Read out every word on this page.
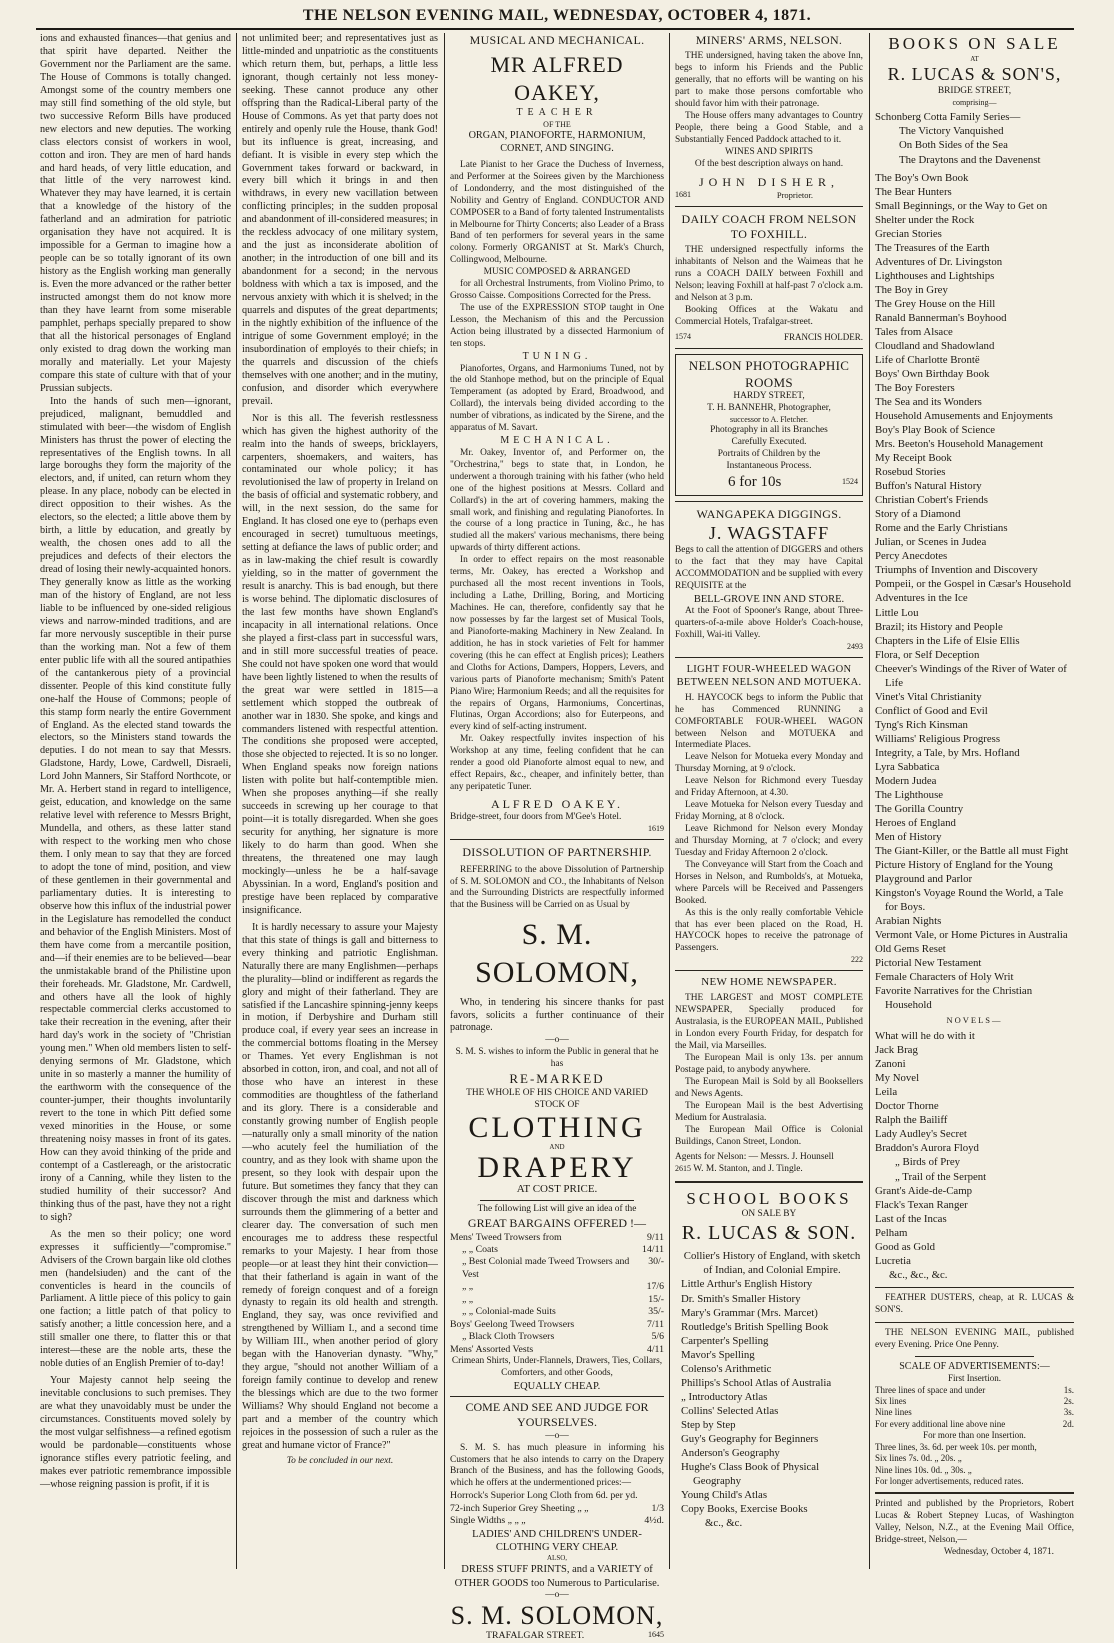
THE NELSON EVENING MAIL, WEDNESDAY, OCTOBER 4, 1871.

ions and exhausted finances—that genius and that spirit have departed. Neither the Government nor the Parliament are the same. The House of Commons is totally changed. Amongst some of the country members one may still find something of the old style, but two successive Reform Bills have produced new electors and new deputies. The working class electors consist of workers in wool, cotton and iron. They are men of hard hands and hard heads, of very little education, and that little of the very narrowest kind. Whatever they may have learned, it is certain that a knowledge of the history of the fatherland and an admiration for patriotic organisation they have not acquired. It is impossible for a German to imagine how a people can be so totally ignorant of its own history as the English working man generally is. Even the more advanced or the rather better instructed amongst them do not know more than they have learnt from some miserable pamphlet, perhaps specially prepared to show that all the historical personages of England only existed to drag down the working man morally and materially. Let your Majesty compare this state of culture with that of your Prussian subjects.

Into the hands of such men—ignorant, prejudiced, malignant, bemuddled and stimulated with beer—the wisdom of English Ministers has thrust the power of electing the representatives of the English towns. In all large boroughs they form the majority of the electors, and, if united, can return whom they please. In any place, nobody can be elected in direct opposition to their wishes. As the electors, so the elected; a little above them by birth, a little by education, and greatly by wealth, the chosen ones add to all the prejudices and defects of their electors the dread of losing their newly-acquainted honors. They generally know as little as the working man of the history of England, are not less liable to be influenced by one-sided religious views and narrow-minded traditions, and are far more nervously susceptible in their purse than the working man. Not a few of them enter public life with all the soured antipathies of the cantankerous piety of a provincial dissenter. People of this kind constitute fully one-half the House of Commons; people of this stamp form nearly the entire Government of England. As the elected stand towards the electors, so the Ministers stand towards the deputies. I do not mean to say that Messrs. Gladstone, Hardy, Lowe, Cardwell, Disraeli, Lord John Manners, Sir Stafford Northcote, or Mr. A. Herbert stand in regard to intelligence, geist, education, and knowledge on the same relative level with reference to Messrs Bright, Mundella, and others, as these latter stand with respect to the working men who chose them. I only mean to say that they are forced to adopt the tone of mind, position, and view of these gentlemen in their governmental and parliamentary duties. It is interesting to observe how this influx of the industrial power in the Legislature has remodelled the conduct and behavior of the English Ministers. Most of them have come from a mercantile position, and—if their enemies are to be believed—bear the unmistakable brand of the Philistine upon their foreheads. Mr. Gladstone, Mr. Cardwell, and others have all the look of highly respectable commercial clerks accustomed to take their recreation in the evening, after their hard day's work in the society of "Christian young men." When old members listen to self-denying sermons of Mr. Gladstone, which unite in so masterly a manner the humility of the earthworm with the consequence of the counter-jumper, their thoughts involuntarily revert to the tone in which Pitt defied some vexed minorities in the House, or some threatening noisy masses in front of its gates. How can they avoid thinking of the pride and contempt of a Castlereagh, or the aristocratic irony of a Canning, while they listen to the studied humility of their successor? And thinking thus of the past, have they not a right to sigh?

As the men so their policy; one word expresses it sufficiently—"compromise." Advisers of the Crown bargain like old clothes men (handelsiuden) and the cant of the conventicles is heard in the councils of Parliament. A little piece of this policy to gain one faction; a little patch of that policy to satisfy another; a little concession here, and a still smaller one there, to flatter this or that interest—these are the noble arts, these the noble duties of an English Premier of to-day!

Your Majesty cannot help seeing the inevitable conclusions to such premises. They are what they unavoidably must be under the circumstances. Constituents moved solely by the most vulgar selfishness—a refined egotism would be pardonable—constituents whose ignorance stifles every patriotic feeling, and makes ever patriotic remembrance impossible—whose reigning passion is profit, if it is

not unlimited beer; and representatives just as little-minded and unpatriotic as the constituents which return them, but, perhaps, a little less ignorant, though certainly not less money-seeking. These cannot produce any other offspring than the Radical-Liberal party of the House of Commons. As yet that party does not entirely and openly rule the House, thank God! but its influence is great, increasing, and defiant. It is visible in every step which the Government takes forward or backward, in every bill which it brings in and then withdraws, in every new vacillation between conflicting principles; in the sudden proposal and abandonment of ill-considered measures; in the reckless advocacy of one military system, and the just as inconsiderate abolition of another; in the introduction of one bill and its abandonment for a second; in the nervous boldness with which a tax is imposed, and the nervous anxiety with which it is shelved; in the quarrels and disputes of the great departments; in the nightly exhibition of the influence of the intrigue of some Government employé; in the insubordination of employés to their chiefs; in the quarrels and discussion of the chiefs themselves with one another; and in the mutiny, confusion, and disorder which everywhere prevail.

Nor is this all. The feverish restlessness which has given the highest authority of the realm into the hands of sweeps, bricklayers, carpenters, shoemakers, and waiters, has contaminated our whole policy; it has revolutionised the law of property in Ireland on the basis of official and systematic robbery, and will, in the next session, do the same for England. It has closed one eye to (perhaps even encouraged in secret) tumultuous meetings, setting at defiance the laws of public order; and as in law-making the chief result is cowardly yielding, so in the matter of government the result is anarchy. This is bad enough, but there is worse behind. The diplomatic disclosures of the last few months have shown England's incapacity in all international relations. Once she played a first-class part in successful wars, and in still more successful treaties of peace. She could not have spoken one word that would have been lightly listened to when the results of the great war were settled in 1815—a settlement which stopped the outbreak of another war in 1830. She spoke, and kings and commanders listened with respectful attention. The conditions she proposed were accepted, those she objected to rejected. It is so no longer. When England speaks now foreign nations listen with polite but half-contemptible mien. When she proposes anything—if she really succeeds in screwing up her courage to that point—it is totally disregarded. When she goes security for anything, her signature is more likely to do harm than good. When she threatens, the threatened one may laugh mockingly—unless he be a half-savage Abyssinian. In a word, England's position and prestige have been replaced by comparative insignificance.

It is hardly necessary to assure your Majesty that this state of things is gall and bitterness to every thinking and patriotic Englishman. Naturally there are many Englishmen—perhaps the plurality—blind or indifferent as regards the glory and might of their fatherland. They are satisfied if the Lancashire spinning-jenny keeps in motion, if Derbyshire and Durham still produce coal, if every year sees an increase in the commercial bottoms floating in the Mersey or Thames. Yet every Englishman is not absorbed in cotton, iron, and coal, and not all of those who have an interest in these commodities are thoughtless of the fatherland and its glory. There is a considerable and constantly growing number of English people—naturally only a small minority of the nation—who acutely feel the humiliation of the country, and as they look with shame upon the present, so they look with despair upon the future. But sometimes they fancy that they can discover through the mist and darkness which surrounds them the glimmering of a better and clearer day. The conversation of such men encourages me to address these respectful remarks to your Majesty. I hear from those people—or at least they hint their conviction—that their fatherland is again in want of the remedy of foreign conquest and of a foreign dynasty to regain its old health and strength. England, they say, was once revivified and strengthened by William I., and a second time by William III., when another period of glory began with the Hanoverian dynasty. "Why," they argue, "should not another William of a foreign family continue to develop and renew the blessings which are due to the two former Williams? Why should England not become a part and a member of the country which rejoices in the possession of such a ruler as the great and humane victor of France?"

To be concluded in our next.
MUSICAL AND MECHANICAL.
MR ALFRED OAKEY,
TEACHER
OF THE
ORGAN, PIANOFORTE, HARMONIUM, CORNET, AND SINGING.

Late Pianist to her Grace the Duchess of Inverness, and Performer at the Soirees given by the Marchioness of Londonderry, and the most distinguished of the Nobility and Gentry of England. CONDUCTOR AND COMPOSER to a Band of forty talented Instrumentalists in Melbourne for Thirty Concerts; also Leader of a Brass Band of ten performers for several years in the same colony. Formerly ORGANIST at St. Mark's Church, Collingwood, Melbourne.

MUSIC COMPOSED & ARRANGED

for all Orchestral Instruments, from Violino Primo, to Grosso Caisse. Compositions Corrected for the Press.

The use of the EXPRESSION STOP taught in One Lesson, the Mechanism of this and the Percussion Action being illustrated by a dissected Harmonium of ten stops.

TUNING.

Pianofortes, Organs, and Harmoniums Tuned, not by the old Stanhope method, but on the principle of Equal Temperament (as adopted by Erard, Broadwood, and Collard), the intervals being divided according to the number of vibrations, as indicated by the Sirene, and the apparatus of M. Savart.

MECHANICAL.

Mr. Oakey, Inventor of, and Performer on, the "Orchestrina," begs to state that, in London, he underwent a thorough training with his father (who held one of the highest positions at Messrs. Collard and Collard's) in the art of covering hammers, making the small work, and finishing and regulating Pianofortes. In the course of a long practice in Tuning, &c., he has studied all the makers' various mechanisms, there being upwards of thirty different actions.

In order to effect repairs on the most reasonable terms, Mr. Oakey, has erected a Workshop and purchased all the most recent inventions in Tools, including a Lathe, Drilling, Boring, and Morticing Machines. He can, therefore, confidently say that he now possesses by far the largest set of Musical Tools, and Pianoforte-making Machinery in New Zealand. In addition, he has in stock varieties of Felt for hammer covering (this he can effect at English prices); Leathers and Cloths for Actions, Dampers, Hoppers, Levers, and various parts of Pianoforte mechanism; Smith's Patent Piano Wire; Harmonium Reeds; and all the requisites for the repairs of Organs, Harmoniums, Concertinas, Flutinas, Organ Accordions; also for Euterpeons, and every kind of self-acting instrument.

Mr. Oakey respectfully invites inspection of his Workshop at any time, feeling confident that he can render a good old Pianoforte almost equal to new, and effect Repairs, &c., cheaper, and infinitely better, than any peripatetic Tuner.

ALFRED OAKEY.
Bridge-street, four doors from M'Gee's Hotel.
1619
DISSOLUTION OF PARTNERSHIP.

REFERRING to the above Dissolution of Partnership of S. M. SOLOMON and CO., the Inhabitants of Nelson and the Surrounding Districts are respectfully informed that the Business will be Carried on as Usual by

S. M. SOLOMON,

Who, in tendering his sincere thanks for past favors, solicits a further continuance of their patronage.

—o—

S. M. S. wishes to inform the Public in general that he has

RE-MARKED
THE WHOLE OF HIS CHOICE AND VARIED
STOCK OF
CLOTHING
AND
DRAPERY
AT COST PRICE.
The following List will give an idea of the
GREAT BARGAINS OFFERED !—
Mens' Tweed Trowsers from	9/11
„ „ Coats	14/11
„ Best Colonial made Tweed Trowsers and Vest
30/-
„ „	17/6
„ „	15/-
„ „ Colonial-made Suits	35/-
Boys' Geelong Tweed Trowsers	7/11
„ Black Cloth Trowsers	5/6
Mens' Assorted Vests	4/11
Crimean Shirts, Under-Flannels, Drawers, Ties, Collars, Comforters, and other Goods,
EQUALLY CHEAP.
COME AND SEE AND JUDGE FOR YOURSELVES.
—o—

S. M. S. has much pleasure in informing his Customers that he also intends to carry on the Drapery Branch of the Business, and has the following Goods, which he offers at the undermentioned prices:—

Horrock's Superior Long Cloth from 6d. per yd.
72-inch Superior Grey Sheeting „ „	1/3
Single Widths „ „ „	4½d.
LADIES' AND CHILDREN'S UNDER-CLOTHING VERY CHEAP.
ALSO,
DRESS STUFF PRINTS, and a VARIETY of OTHER GOODS too Numerous to Particularise.
—o—
S. M. SOLOMON,
TRAFALGAR STREET.	1645
MINERS' ARMS, NELSON.

THE undersigned, having taken the above Inn, begs to inform his Friends and the Public generally, that no efforts will be wanting on his part to make those persons comfortable who should favor him with their patronage.

The House offers many advantages to Country People, there being a Good Stable, and a Substantially Fenced Paddock attached to it.

WINES AND SPIRITS
Of the best description always on hand.
JOHN DISHER,
1681	Proprietor.
DAILY COACH FROM NELSON TO FOXHILL.

THE undersigned respectfully informs the inhabitants of Nelson and the Waimeas that he runs a COACH DAILY between Foxhill and Nelson; leaving Foxhill at half-past 7 o'clock a.m. and Nelson at 3 p.m.

Booking Offices at the Wakatu and Commercial Hotels, Trafalgar-street.

1574	FRANCIS HOLDER.
NELSON PHOTOGRAPHIC ROOMS
HARDY STREET,
T. H. BANNEHR, Photographer,
successor to A. Fletcher.
Photography in all its Branches
Carefully Executed.
Portraits of Children by the
Instantaneous Process.
6 for 10s	1524
WANGAPEKA DIGGINGS.
J. WAGSTAFF

Begs to call the attention of DIGGERS and others to the fact that they may have Capital ACCOMMODATION and be supplied with every REQUISITE at the

BELL-GROVE INN AND STORE.

At the Foot of Spooner's Range, about Three-quarters-of-a-mile above Holder's Coach-house, Foxhill, Wai-iti Valley.

2493
LIGHT FOUR-WHEELED WAGON BETWEEN NELSON AND MOTUEKA.

H. HAYCOCK begs to inform the Public that he has Commenced RUNNING a COMFORTABLE FOUR-WHEEL WAGON between Nelson and MOTUEKA and Intermediate Places.

Leave Nelson for Motueka every Monday and Thursday Morning, at 9 o'clock.

Leave Nelson for Richmond every Tuesday and Friday Afternoon, at 4.30.

Leave Motueka for Nelson every Tuesday and Friday Morning, at 8 o'clock.

Leave Richmond for Nelson every Monday and Thursday Morning, at 7 o'clock; and every Tuesday and Friday Afternoon 2 o'clock.

The Conveyance will Start from the Coach and Horses in Nelson, and Rumbolds's, at Motueka, where Parcels will be Received and Passengers Booked.

As this is the only really comfortable Vehicle that has ever been placed on the Road, H. HAYCOCK hopes to receive the patronage of Passengers.

222
NEW HOME NEWSPAPER.

THE LARGEST and MOST COMPLETE NEWSPAPER, Specially produced for Australasia, is the EUROPEAN MAIL, Published in London every Fourth Friday, for despatch for the Mail, via Marseilles.

The European Mail is only 13s. per annum Postage paid, to anybody anywhere.

The European Mail is Sold by all Booksellers and News Agents.

The European Mail is the best Advertising Medium for Australasia.

The European Mail Office is Colonial Buildings, Canon Street, London.

Agents for Nelson: — Messrs. J. Hounsell
2615 W. M. Stanton, and J. Tingle.
SCHOOL BOOKS
ON SALE BY
R. LUCAS & SON.
Collier's History of England, with sketch of Indian, and Colonial Empire.
Little Arthur's English History
Dr. Smith's Smaller History
Mary's Grammar (Mrs. Marcet)
Routledge's British Spelling Book
Carpenter's Spelling
Mavor's Spelling
Colenso's Arithmetic
Phillips's School Atlas of Australia
„ Introductory Atlas
Collins' Selected Atlas
Step by Step
Guy's Geography for Beginners
Anderson's Geography
Hughe's Class Book of Physical Geography
Young Child's Atlas
Copy Books, Exercise Books
&c., &c.
BOOKS ON SALE
AT
R. LUCAS & SON'S,
BRIDGE STREET,
comprising—
Schonberg Cotta Family Series—
The Victory Vanquished
On Both Sides of the Sea
The Draytons and the Davenenst
The Boy's Own Book
The Bear Hunters
Small Beginnings, or the Way to Get on
Shelter under the Rock
Grecian Stories
The Treasures of the Earth
Adventures of Dr. Livingston
Lighthouses and Lightships
The Boy in Grey
The Grey House on the Hill
Ranald Bannerman's Boyhood
Tales from Alsace
Cloudland and Shadowland
Life of Charlotte Brontë
Boys' Own Birthday Book
The Boy Foresters
The Sea and its Wonders
Household Amusements and Enjoyments
Boy's Play Book of Science
Mrs. Beeton's Household Management
My Receipt Book
Rosebud Stories
Buffon's Natural History
Christian Cobert's Friends
Story of a Diamond
Rome and the Early Christians
Julian, or Scenes in Judea
Percy Anecdotes
Triumphs of Invention and Discovery
Pompeii, or the Gospel in Cæsar's Household
Adventures in the Ice
Little Lou
Brazil; its History and People
Chapters in the Life of Elsie Ellis
Flora, or Self Deception
Cheever's Windings of the River of Water of Life
Vinet's Vital Christianity
Conflict of Good and Evil
Tyng's Rich Kinsman
Williams' Religious Progress
Integrity, a Tale, by Mrs. Hofland
Lyra Sabbatica
Modern Judea
The Lighthouse
The Gorilla Country
Heroes of England
Men of History
The Giant-Killer, or the Battle all must Fight
Picture History of England for the Young
Playground and Parlor
Kingston's Voyage Round the World, a Tale for Boys.
Arabian Nights
Vermont Vale, or Home Pictures in Australia
Old Gems Reset
Pictorial New Testament
Female Characters of Holy Writ
Favorite Narratives for the Christian Household
NOVELS—
What will he do with it
Jack Brag
Zanoni
My Novel
Leila
Doctor Thorne
Ralph the Bailiff
Lady Audley's Secret
Braddon's Aurora Floyd
„ Birds of Prey
„ Trail of the Serpent
Grant's Aide-de-Camp
Flack's Texan Ranger
Last of the Incas
Pelham
Good as Gold
Lucretia
&c., &c., &c.

FEATHER DUSTERS, cheap, at R. LUCAS & SON'S.

THE NELSON EVENING MAIL, published every Evening. Price One Penny.

SCALE OF ADVERTISEMENTS:—
First Insertion.
Three lines of space and under	1s.
Six lines	2s.
Nine lines	3s.
For every additional line above nine	2d.
For more than one Insertion.
Three lines, 3s. 6d. per week 10s. per month,
Six lines 7s. 0d. „ 20s. „
Nine lines 10s. 0d. „ 30s. „
For longer advertisements, reduced rates.

Printed and published by the Proprietors, Robert Lucas & Robert Stepney Lucas, of Washington Valley, Nelson, N.Z., at the Evening Mail Office, Bridge-street, Nelson,—

Wednesday, October 4, 1871.
